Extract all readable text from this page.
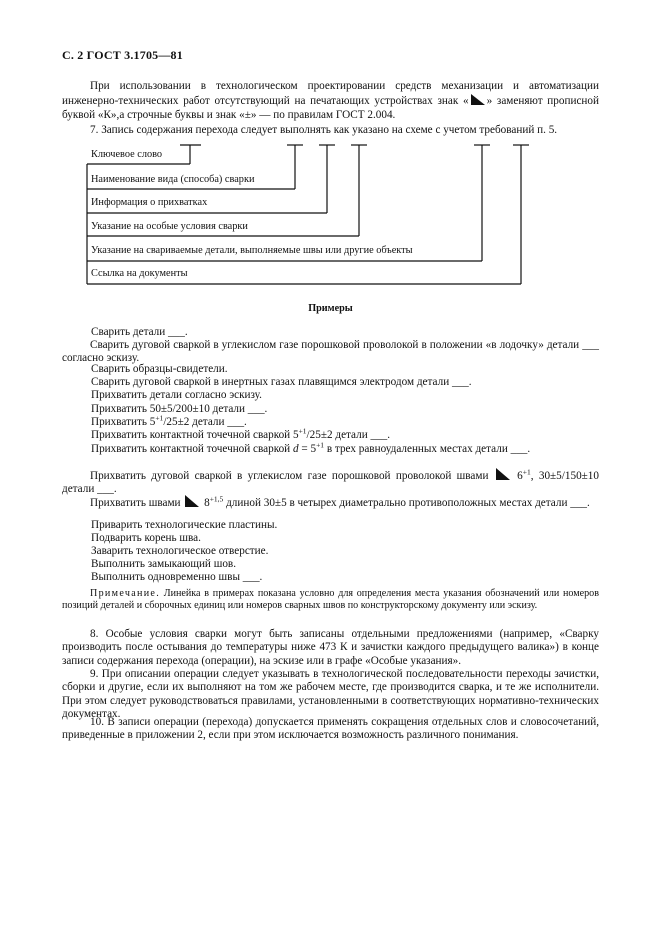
С. 2 ГОСТ 3.1705—81
При использовании в технологическом проектировании средств механизации и автоматизации инженерно-технических работ отсутствующий на печатающих устройствах знак « » заменяют прописной буквой «К»,а строчные буквы и знак «±» — по правилам ГОСТ 2.004.
7. Запись содержания перехода следует выполнять как указано на схеме с учетом требований п. 5.
Ключевое слово
Наименование вида (способа) сварки
Информация о прихватках
Указание на особые условия сварки
Указание на свариваемые детали, выполняемые швы или другие объекты
Ссылка на документы
Примеры
Сварить детали ___.
Сварить дуговой сваркой в углекислом газе порошковой проволокой в положении «в лодочку» детали ___ согласно эскизу.
Сварить образцы-свидетели.
Сварить дуговой сваркой в инертных газах плавящимся электродом детали ___.
Прихватить детали согласно эскизу.
Прихватить 50±5/200±10 детали ___.
Прихватить $5^{+1}/25\pm 2$ детали ___.
Прихватить контактной точечной сваркой $5^{+1}/25\pm 2$ детали ___.
Прихватить контактной точечной сваркой $d = 5^{+1}$ в трех равноудаленных местах детали ___.
Прихватить дуговой сваркой в углекислом газе порошковой проволокой швами	$6^{+1}$, 30±5/150±10 детали ___.
Прихватить швами $8^{+1,5}$ длиной 30±5 в четырех диаметрально противоположных местах детали ___.
Приварить технологические пластины.
Подварить корень шва.
Заварить технологическое отверстие.
Выполнить замыкающий шов.
Выполнить одновременно швы ___.
Примечание. Линейка в примерах показана условно для определения места указания обозначений или номеров позиций деталей и сборочных единиц или номеров сварных швов по конструкторскому документу или эскизу.
8. Особые условия сварки могут быть записаны отдельными предложениями (например, «Сварку производить после остывания до температуры ниже 473 К и зачистки каждого предыдущего валика») в конце записи содержания перехода (операции), на эскизе или в графе «Особые указания».
9. При описании операции следует указывать в технологической последовательности переходы зачистки, сборки и другие, если их выполняют на том же рабочем месте, где производится сварка, и те же исполнители. При этом следует руководствоваться правилами, установленными в соответствующих нормативно-технических документах.
10. В записи операции (перехода) допускается применять сокращения отдельных слов и словосочетаний, приведенные в приложении 2, если при этом исключается возможность различного понимания.
